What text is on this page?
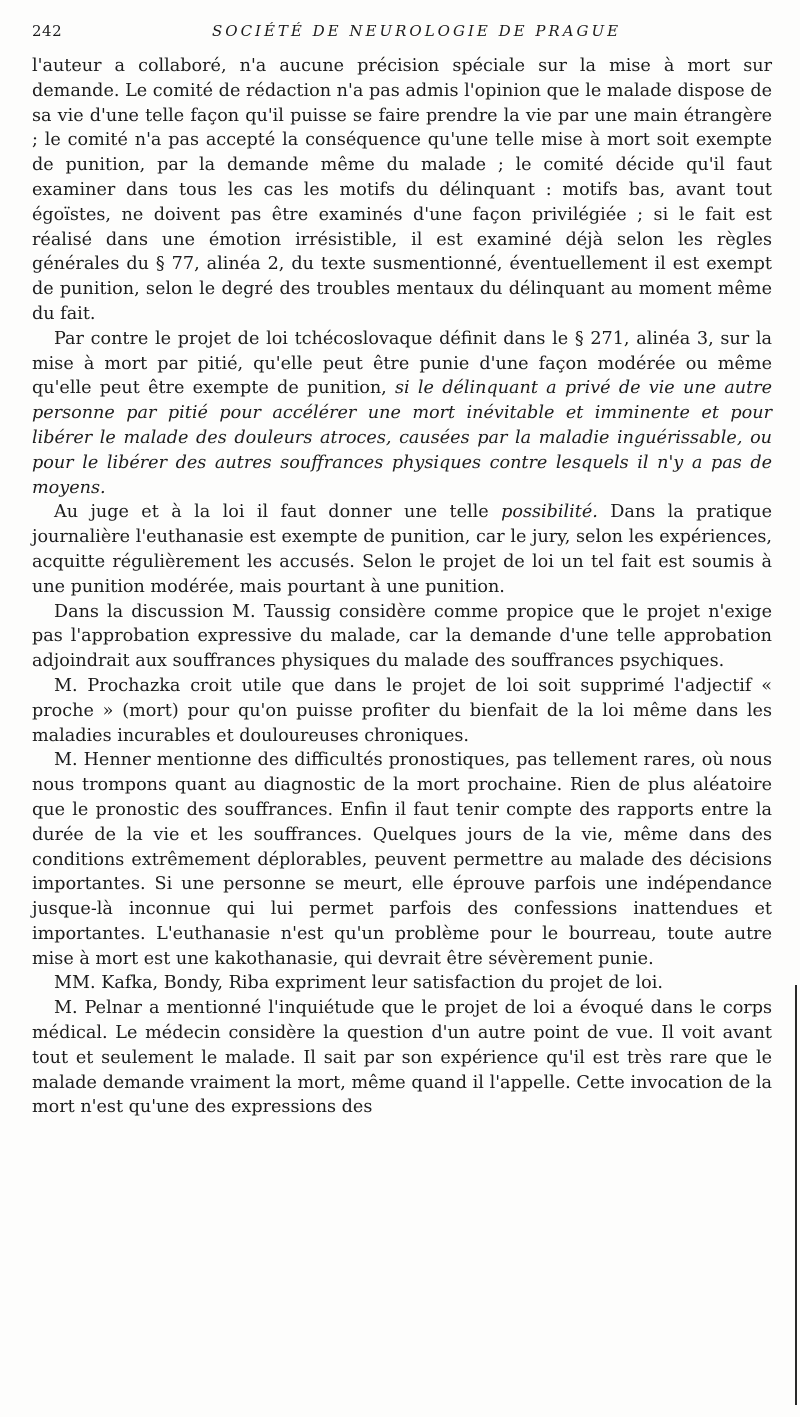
242	SOCIÉTÉ DE NEUROLOGIE DE PRAGUE

l'auteur a collaboré, n'a aucune précision spéciale sur la mise à mort sur demande. Le comité de rédaction n'a pas admis l'opinion que le malade dispose de sa vie d'une telle façon qu'il puisse se faire prendre la vie par une main étrangère ; le comité n'a pas accepté la conséquence qu'une telle mise à mort soit exempte de punition, par la demande même du malade ; le comité décide qu'il faut examiner dans tous les cas les motifs du délinquant : motifs bas, avant tout égoïstes, ne doivent pas être examinés d'une façon privilégiée ; si le fait est réalisé dans une émotion irrésistible, il est examiné déjà selon les règles générales du § 77, alinéa 2, du texte susmentionné, éventuellement il est exempt de punition, selon le degré des troubles mentaux du délinquant au moment même du fait.

Par contre le projet de loi tchécoslovaque définit dans le § 271, alinéa 3, sur la mise à mort par pitié, qu'elle peut être punie d'une façon modérée ou même qu'elle peut être exempte de punition, si le délinquant a privé de vie une autre personne par pitié pour accélérer une mort inévitable et imminente et pour libérer le malade des douleurs atroces, causées par la maladie inguérissable, ou pour le libérer des autres souffrances physiques contre lesquels il n'y a pas de moyens.

Au juge et à la loi il faut donner une telle possibilité. Dans la pratique journalière l'euthanasie est exempte de punition, car le jury, selon les expériences, acquitte régulièrement les accusés. Selon le projet de loi un tel fait est soumis à une punition modérée, mais pourtant à une punition.

Dans la discussion M. Taussig considère comme propice que le projet n'exige pas l'approbation expressive du malade, car la demande d'une telle approbation adjoindrait aux souffrances physiques du malade des souffrances psychiques.

M. Prochazka croit utile que dans le projet de loi soit supprimé l'adjectif « proche » (mort) pour qu'on puisse profiter du bienfait de la loi même dans les maladies incurables et douloureuses chroniques.

M. Henner mentionne des difficultés pronostiques, pas tellement rares, où nous nous trompons quant au diagnostic de la mort prochaine. Rien de plus aléatoire que le pronostic des souffrances. Enfin il faut tenir compte des rapports entre la durée de la vie et les souffrances. Quelques jours de la vie, même dans des conditions extrêmement déplorables, peuvent permettre au malade des décisions importantes. Si une personne se meurt, elle éprouve parfois une indépendance jusque-là inconnue qui lui permet parfois des confessions inattendues et importantes. L'euthanasie n'est qu'un problème pour le bourreau, toute autre mise à mort est une kakothanasie, qui devrait être sévèrement punie.

MM. Kafka, Bondy, Riba expriment leur satisfaction du projet de loi.

M. Pelnar a mentionné l'inquiétude que le projet de loi a évoqué dans le corps médical. Le médecin considère la question d'un autre point de vue. Il voit avant tout et seulement le malade. Il sait par son expérience qu'il est très rare que le malade demande vraiment la mort, même quand il l'appelle. Cette invocation de la mort n'est qu'une des expressions des
